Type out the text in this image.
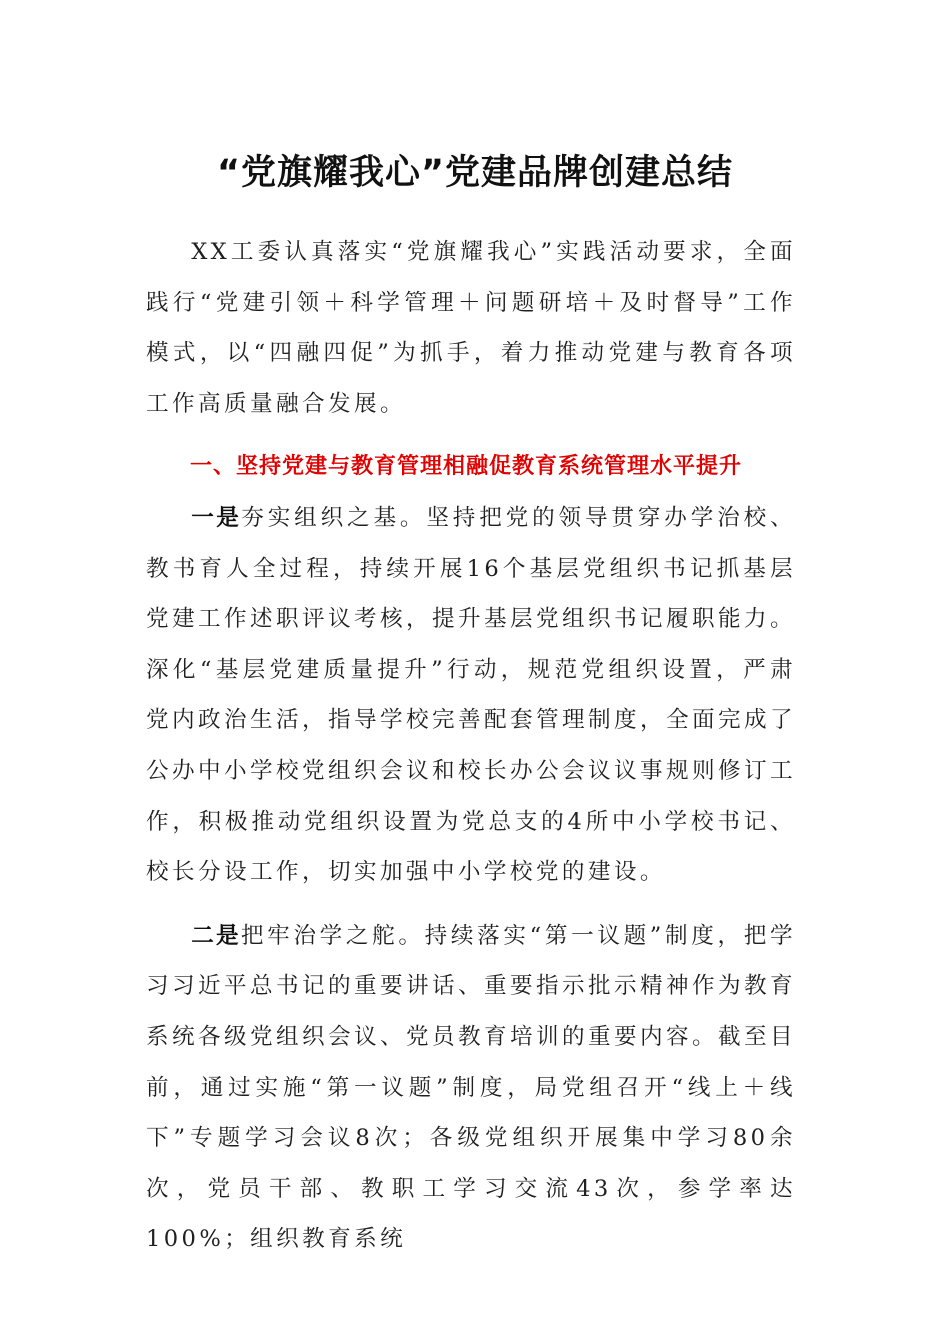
“党旗耀我心”党建品牌创建总结

XX工委认真落实“党旗耀我心”实践活动要求，全面践行“党建引领＋科学管理＋问题研培＋及时督导”工作模式，以“四融四促”为抓手，着力推动党建与教育各项工作高质量融合发展。

一、坚持党建与教育管理相融促教育系统管理水平提升

一是夯实组织之基。坚持把党的领导贯穿办学治校、教书育人全过程，持续开展16个基层党组织书记抓基层党建工作述职评议考核，提升基层党组织书记履职能力。深化“基层党建质量提升”行动，规范党组织设置，严肃党内政治生活，指导学校完善配套管理制度，全面完成了公办中小学校党组织会议和校长办公会议议事规则修订工作，积极推动党组织设置为党总支的4所中小学校书记、校长分设工作，切实加强中小学校党的建设。

二是把牢治学之舵。持续落实“第一议题”制度，把学习习近平总书记的重要讲话、重要指示批示精神作为教育系统各级党组织会议、党员教育培训的重要内容。截至目前，通过实施“第一议题”制度，局党组召开“线上＋线下”专题学习会议8次；各级党组织开展集中学习80余次，党员干部、教职工学习交流43次，参学率达100%；组织教育系统
